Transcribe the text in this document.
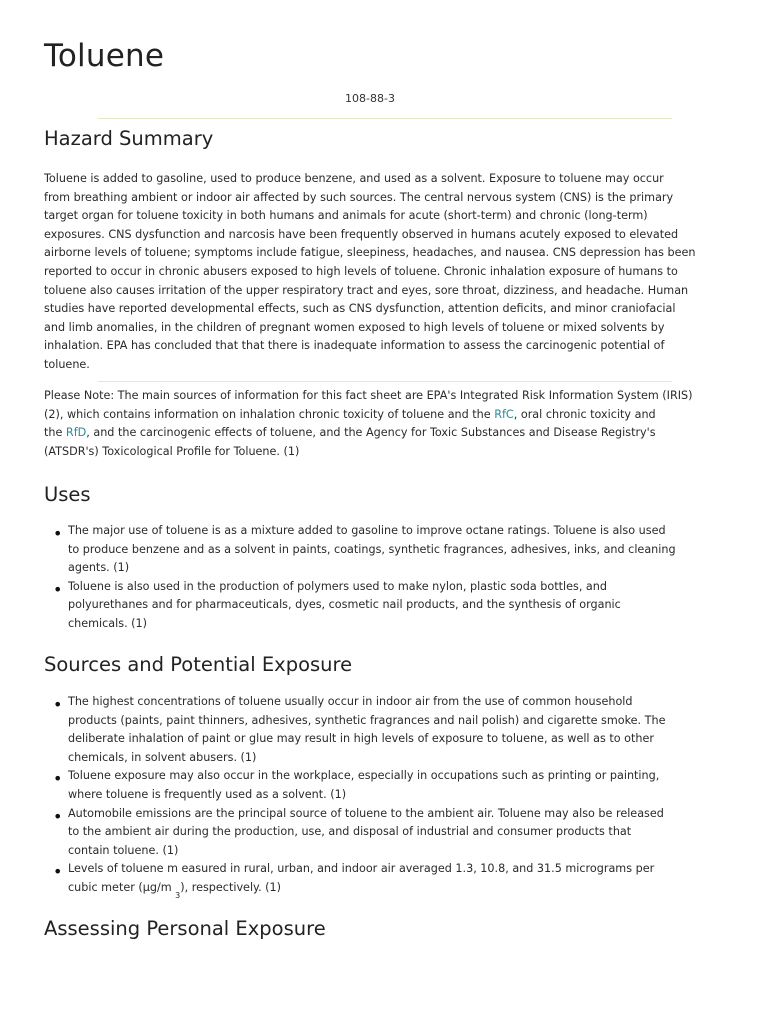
Toluene
108-88-3
Hazard Summary

Toluene is added to gasoline, used to produce benzene, and used as a solvent. Exposure to toluene may occur
from breathing ambient or indoor air affected by such sources. The central nervous system (CNS) is the primary
target organ for toluene toxicity in both humans and animals for acute (short-term) and chronic (long-term)
exposures. CNS dysfunction and narcosis have been frequently observed in humans acutely exposed to elevated
airborne levels of toluene; symptoms include fatigue, sleepiness, headaches, and nausea. CNS depression has been
reported to occur in chronic abusers exposed to high levels of toluene. Chronic inhalation exposure of humans to
toluene also causes irritation of the upper respiratory tract and eyes, sore throat, dizziness, and headache. Human
studies have reported developmental effects, such as CNS dysfunction, attention deficits, and minor craniofacial
and limb anomalies, in the children of pregnant women exposed to high levels of toluene or mixed solvents by
inhalation. EPA has concluded that that there is inadequate information to assess the carcinogenic potential of
toluene.

Please Note: The main sources of information for this fact sheet are EPA's Integrated Risk Information System (IRIS)
(2), which contains information on inhalation chronic toxicity of toluene and the RfC, oral chronic toxicity and
the RfD, and the carcinogenic effects of toluene, and the Agency for Toxic Substances and Disease Registry's
(ATSDR's) Toxicological Profile for Toluene. (1)

Uses
• The major use of toluene is as a mixture added to gasoline to improve octane ratings. Toluene is also used
to produce benzene and as a solvent in paints, coatings, synthetic fragrances, adhesives, inks, and cleaning
agents. (1)
• Toluene is also used in the production of polymers used to make nylon, plastic soda bottles, and
polyurethanes and for pharmaceuticals, dyes, cosmetic nail products, and the synthesis of organic
chemicals. (1)
Sources and Potential Exposure
• The highest concentrations of toluene usually occur in indoor air from the use of common household
products (paints, paint thinners, adhesives, synthetic fragrances and nail polish) and cigarette smoke. The
deliberate inhalation of paint or glue may result in high levels of exposure to toluene, as well as to other
chemicals, in solvent abusers. (1)
• Toluene exposure may also occur in the workplace, especially in occupations such as printing or painting,
where toluene is frequently used as a solvent. (1)
• Automobile emissions are the principal source of toluene to the ambient air. Toluene may also be released
to the ambient air during the production, use, and disposal of industrial and consumer products that
contain toluene. (1)
• Levels of toluene m easured in rural, urban, and indoor air averaged 1.3, 10.8, and 31.5 micrograms per
cubic meter (µg/m $^3$), respectively. (1)
Assessing Personal Exposure
